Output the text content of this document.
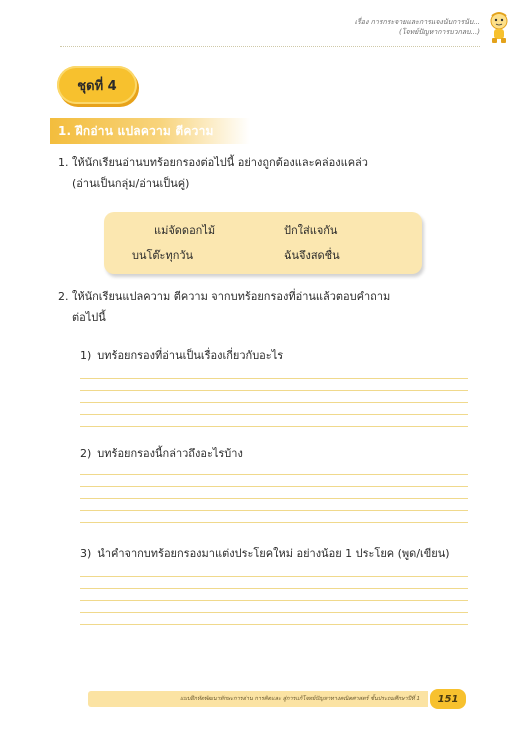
เรื่อง การกระจายและการแจงนับการนับ...
(โจทย์ปัญหาการบวกลบ...)
ชุดที่ 4
1. ฝึกอ่าน แปลความ ตีความ
1. ให้นักเรียนอ่านบทร้อยกรองต่อไปนี้ อย่างถูกต้องและคล่องแคล่ว
(อ่านเป็นกลุ่ม/อ่านเป็นคู่)
แม่จัดดอกไม้	ปักใส่แจกัน
บนโต๊ะทุกวัน	ฉันจึงสดชื่น
2. ให้นักเรียนแปลความ ตีความ จากบทร้อยกรองที่อ่านแล้วตอบคำถาม
ต่อไปนี้
1) บทร้อยกรองที่อ่านเป็นเรื่องเกี่ยวกับอะไร
2) บทร้อยกรองนี้กล่าวถึงอะไรบ้าง
3) นำคำจากบทร้อยกรองมาแต่งประโยคใหม่ อย่างน้อย 1 ประโยค (พูด/เขียน)
แบบฝึกหัดพัฒนาทักษะการอ่าน การคิดและ สู่การแก้โจทย์ปัญหาทางคณิตศาสตร์ ชั้นประถมศึกษาปีที่ 1	151
